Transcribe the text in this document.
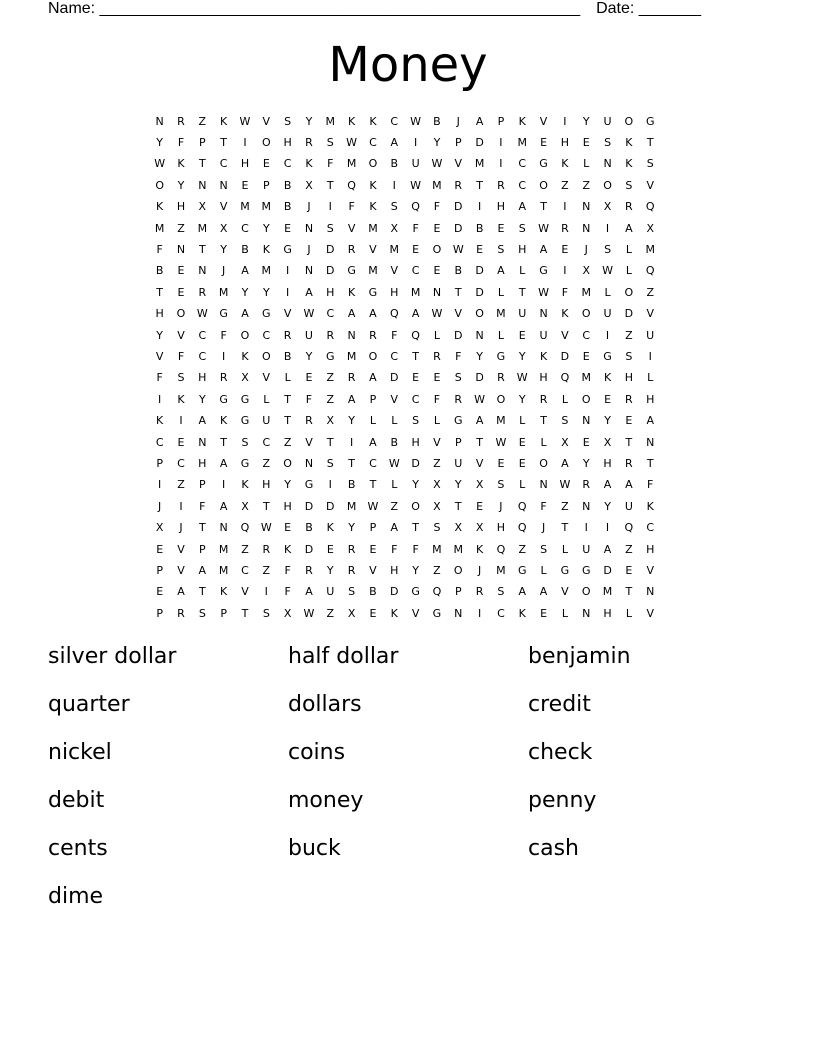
Name: ______________________________________________________ Date: _______
Money
N	R	Z	K	W	V	S	Y	M	K	K	C	W	B	J	A	P	K	V	I	Y	U	O	G
Y	F	P	T	I	O	H	R	S	W	C	A	I	Y	P	D	I	M	E	H	E	S	K	T
W	K	T	C	H	E	C	K	F	M	O	B	U	W	V	M	I	C	G	K	L	N	K	S
O	Y	N	N	E	P	B	X	T	Q	K	I	W	M	R	T	R	C	O	Z	Z	O	S	V
K	H	X	V	M	M	B	J	I	F	K	S	Q	F	D	I	H	A	T	I	N	X	R	Q
M	Z	M	X	C	Y	E	N	S	V	M	X	F	E	D	B	E	S	W	R	N	I	A	X
F	N	T	Y	B	K	G	J	D	R	V	M	E	O	W	E	S	H	A	E	J	S	L	M
B	E	N	J	A	M	I	N	D	G	M	V	C	E	B	D	A	L	G	I	X	W	L	Q
T	E	R	M	Y	Y	I	A	H	K	G	H	M	N	T	D	L	T	W	F	M	L	O	Z
H	O	W	G	A	G	V	W	C	A	A	Q	A	W	V	O	M	U	N	K	O	U	D	V
Y	V	C	F	O	C	R	U	R	N	R	F	Q	L	D	N	L	E	U	V	C	I	Z	U
V	F	C	I	K	O	B	Y	G	M	O	C	T	R	F	Y	G	Y	K	D	E	G	S	I
F	S	H	R	X	V	L	E	Z	R	A	D	E	E	S	D	R	W	H	Q	M	K	H	L
I	K	Y	G	G	L	T	F	Z	A	P	V	C	F	R	W	O	Y	R	L	O	E	R	H
K	I	A	K	G	U	T	R	X	Y	L	L	S	L	G	A	M	L	T	S	N	Y	E	A
C	E	N	T	S	C	Z	V	T	I	A	B	H	V	P	T	W	E	L	X	E	X	T	N
P	C	H	A	G	Z	O	N	S	T	C	W	D	Z	U	V	E	E	O	A	Y	H	R	T
I	Z	P	I	K	H	Y	G	I	B	T	L	Y	X	Y	X	S	L	N	W	R	A	A	F
J	I	F	A	X	T	H	D	D	M	W	Z	O	X	T	E	J	Q	F	Z	N	Y	U	K
X	J	T	N	Q	W	E	B	K	Y	P	A	T	S	X	X	H	Q	J	T	I	I	Q	C
E	V	P	M	Z	R	K	D	E	R	E	F	F	M	M	K	Q	Z	S	L	U	A	Z	H
P	V	A	M	C	Z	F	R	Y	R	V	H	Y	Z	O	J	M	G	L	G	G	D	E	V
E	A	T	K	V	I	F	A	U	S	B	D	G	Q	P	R	S	A	A	V	O	M	T	N
P	R	S	P	T	S	X	W	Z	X	E	K	V	G	N	I	C	K	E	L	N	H	L	V
silver dollar	half dollar	benjamin
quarter	dollars	credit
nickel	coins	check
debit	money	penny
cents	buck	cash
dime
